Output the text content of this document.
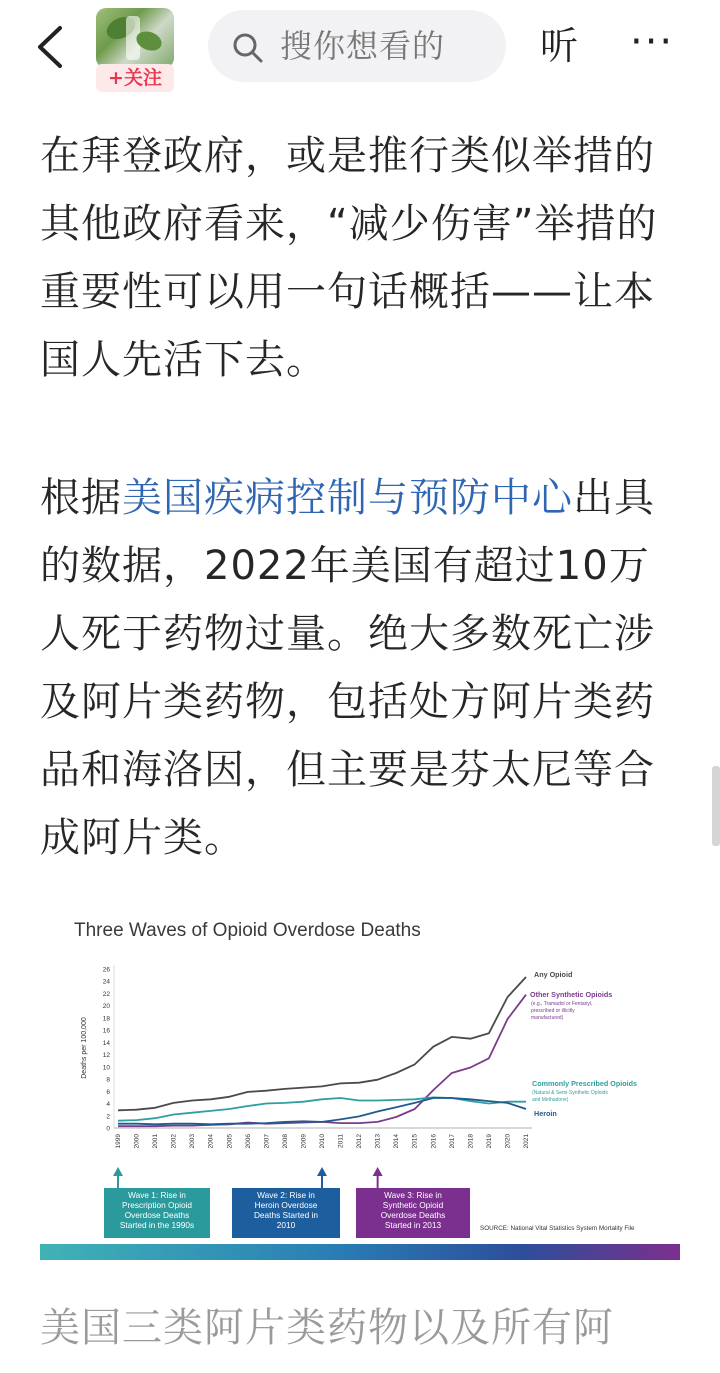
+关注
搜你想看的 听 ···
在拜登政府，或是推行类似举措的其他政府看来，“减少伤害”举措的重要性可以用一句话概括——让本国人先活下去。
根据美国疾病控制与预防中心出具的数据，2022年美国有超过10万人死于药物过量。绝大多数死亡涉及阿片类药物，包括处方阿片类药品和海洛因，但主要是芬太尼等合成阿片类。
Three Waves of Opioid Overdose Deaths
Deaths per 100,000
0
2
4
6
8
10
12
14
16
18
20
22
24
26
1999 2000 2001 2002 2003 2004 2005 2006 2007 2008 2009 2010 2011 2012 2013 2014 2015 2016 2017 2018 2019 2020 2021
Any Opioid
Other Synthetic Opioids
Commonly Prescribed Opioids
Heroin
(e.g., Tramadol or Fentanyl,
prescribed or illicitly
manufactured)
(Natural & Semi-Synthetic Opioids
and Methadone)
Wave 1: Rise in
Prescription Opioid
Overdose Deaths
Started in the 1990s
Wave 2: Rise in
Heroin Overdose
Deaths Started in
2010
Wave 3: Rise in
Synthetic Opioid
Overdose Deaths
Started in 2013	SOURCE: National Vital Statistics System Mortality File
美国三类阿片类药物以及所有阿
